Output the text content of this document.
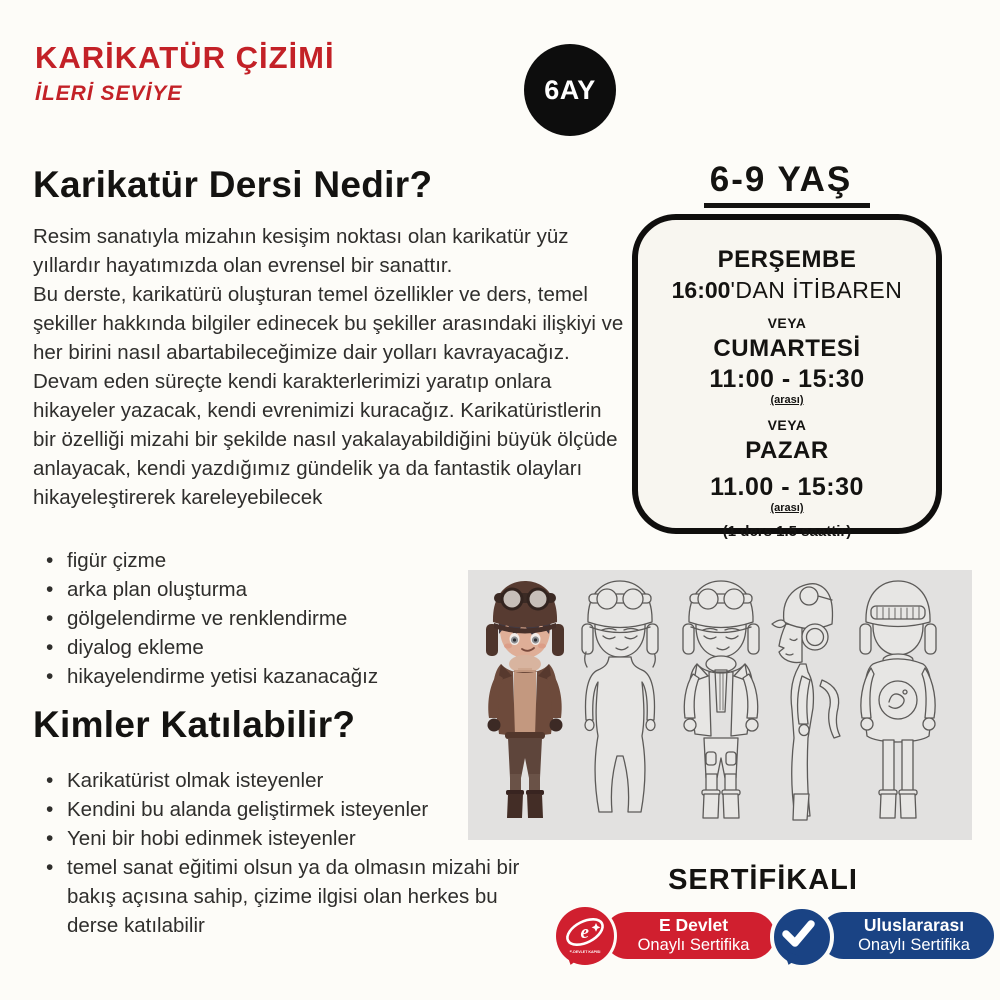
KARİKATÜR ÇİZİMİ
İLERİ SEVİYE	6AY
Karikatür Dersi Nedir?

Resim sanatıyla mizahın kesişim noktası olan karikatür yüz yıllardır hayatımızda olan evrensel bir sanattır.

Bu derste, karikatürü oluşturan temel özellikler ve ders, temel şekiller hakkında bilgiler edinecek bu şekiller arasındaki ilişkiyi ve her birini nasıl abartabileceğimize dair yolları kavrayacağız. Devam eden süreçte kendi karakterlerimizi yaratıp onlara hikayeler yazacak, kendi evrenimizi kuracağız. Karikatüristlerin bir özelliği mizahi bir şekilde nasıl yakalayabildiğini büyük ölçüde anlayacak, kendi yazdığımız gündelik ya da fantastik olayları hikayeleştirerek kareleyebilecek

• figür çizme
• arka plan oluşturma
• gölgelendirme ve renklendirme
• diyalog ekleme
• hikayelendirme yetisi kazanacağız
Kimler Katılabilir?
• Karikatürist olmak isteyenler
• Kendini bu alanda geliştirmek isteyenler
• Yeni bir hobi edinmek isteyenler
• temel sanat eğitimi olsun ya da olmasın mizahi bir bakış açısına sahip, çizime ilgisi olan herkes bu derse katılabilir
6-9 YAŞ
PERŞEMBE
16:00'DAN İTİBAREN
VEYA
CUMARTESİ
11:00 - 15:30
(arası)
VEYA
PAZAR
11.00 - 15:30
(arası)
(1 ders 1.5 saattir)
SERTİFİKALI
E Devlet
Onaylı Sertifika
e
E-DEVLET KAPISI
Uluslararası
Onaylı Sertifika
